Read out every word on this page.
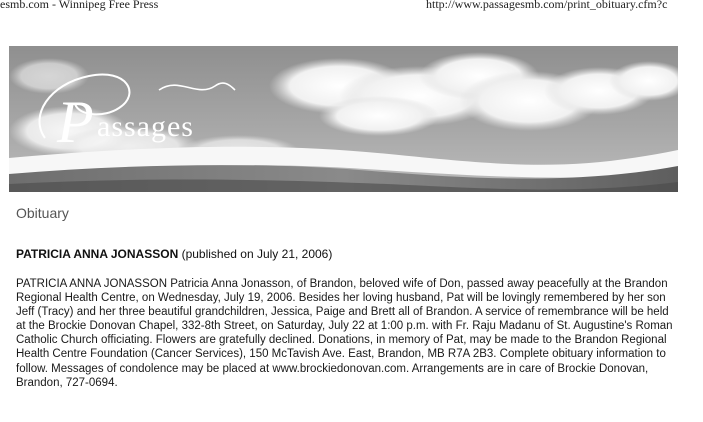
esmb.com - Winnipeg Free Press	http://www.passagesmb.com/print_obituary.cfm?c
P assages
Obituary
PATRICIA ANNA JONASSON (published on July 21, 2006)

PATRICIA ANNA JONASSON Patricia Anna Jonasson, of Brandon, beloved wife of Don, passed away peacefully at the Brandon Regional Health Centre, on Wednesday, July 19, 2006. Besides her loving husband, Pat will be lovingly remembered by her son Jeff (Tracy) and her three beautiful grandchildren, Jessica, Paige and Brett all of Brandon. A service of remembrance will be held at the Brockie Donovan Chapel, 332-8th Street, on Saturday, July 22 at 1:00 p.m. with Fr. Raju Madanu of St. Augustine's Roman Catholic Church officiating. Flowers are gratefully declined. Donations, in memory of Pat, may be made to the Brandon Regional Health Centre Foundation (Cancer Services), 150 McTavish Ave. East, Brandon, MB R7A 2B3. Complete obituary information to follow. Messages of condolence may be placed at www.brockiedonovan.com. Arrangements are in care of Brockie Donovan, Brandon, 727-0694.
